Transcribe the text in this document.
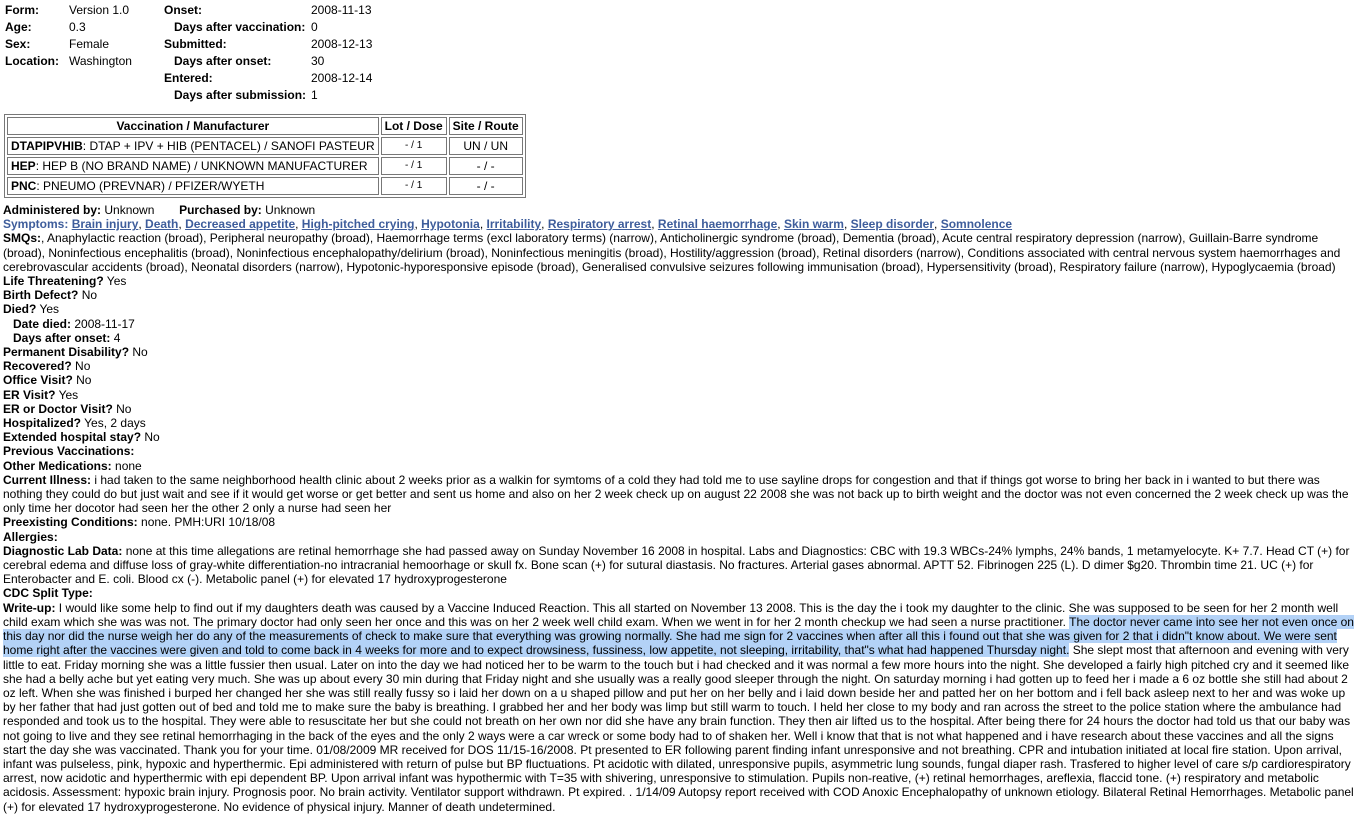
Form:	Version 1.0
Age:	0.3
Sex:	Female
Location: Washington
Onset:	2008-11-13
Days after vaccination: 0
Submitted:	2008-12-13
Days after onset:	30
Entered:	2008-12-14
Days after submission: 1
Vaccination / Manufacturer	Lot / Dose	Site / Route
DTAPIPVHIB: DTAP + IPV + HIB (PENTACEL) / SANOFI PASTEUR	- / 1	UN / UN
HEP: HEP B (NO BRAND NAME) / UNKNOWN MANUFACTURER	- / 1	- / -
PNC: PNEUMO (PREVNAR) / PFIZER/WYETH	- / 1	- / -
Administered by: Unknown Purchased by: Unknown
Symptoms: Brain injury, Death, Decreased appetite, High-pitched crying, Hypotonia, Irritability, Respiratory arrest, Retinal haemorrhage, Skin warm, Sleep disorder, Somnolence
SMQs:, Anaphylactic reaction (broad), Peripheral neuropathy (broad), Haemorrhage terms (excl laboratory terms) (narrow), Anticholinergic syndrome (broad), Dementia (broad), Acute central respiratory depression (narrow), Guillain-Barre syndrome (broad), Noninfectious encephalitis (broad), Noninfectious encephalopathy/delirium (broad), Noninfectious meningitis (broad), Hostility/aggression (broad), Retinal disorders (narrow), Conditions associated with central nervous system haemorrhages and cerebrovascular accidents (broad), Neonatal disorders (narrow), Hypotonic-hyporesponsive episode (broad), Generalised convulsive seizures following immunisation (broad), Hypersensitivity (broad), Respiratory failure (narrow), Hypoglycaemia (broad)
Life Threatening? Yes
Birth Defect? No
Died? Yes
Date died: 2008-11-17
Days after onset: 4
Permanent Disability? No
Recovered? No
Office Visit? No
ER Visit? Yes
ER or Doctor Visit? No
Hospitalized? Yes, 2 days
Extended hospital stay? No
Previous Vaccinations:
Other Medications: none
Current Illness: i had taken to the same neighborhood health clinic about 2 weeks prior as a walkin for symtoms of a cold they had told me to use sayline drops for congestion and that if things got worse to bring her back in i wanted to but there was nothing they could do but just wait and see if it would get worse or get better and sent us home and also on her 2 week check up on august 22 2008 she was not back up to birth weight and the doctor was not even concerned the 2 week check up was the only time her docotor had seen her the other 2 only a nurse had seen her
Preexisting Conditions: none. PMH:URI 10/18/08
Allergies:
Diagnostic Lab Data: none at this time allegations are retinal hemorrhage she had passed away on Sunday November 16 2008 in hospital. Labs and Diagnostics: CBC with 19.3 WBCs-24% lymphs, 24% bands, 1 metamyelocyte. K+ 7.7. Head CT (+) for cerebral edema and diffuse loss of gray-white differentiation-no intracranial hemoorhage or skull fx. Bone scan (+) for sutural diastasis. No fractures. Arterial gases abnormal. APTT 52. Fibrinogen 225 (L). D dimer $g20. Thrombin time 21. UC (+) for Enterobacter and E. coli. Blood cx (-). Metabolic panel (+) for elevated 17 hydroxyprogesterone
CDC Split Type:
Write-up: I would like some help to find out if my daughters death was caused by a Vaccine Induced Reaction. This all started on November 13 2008. This is the day the i took my daughter to the clinic. She was supposed to be seen for her 2 month well child exam which she was was not. The primary doctor had only seen her once and this was on her 2 week well child exam. When we went in for her 2 month checkup we had seen a nurse practitioner. The doctor never came into see her not even once on this day nor did the nurse weigh her do any of the measurements of check to make sure that everything was growing normally. She had me sign for 2 vaccines when after all this i found out that she was given for 2 that i didn"t know about. We were sent home right after the vaccines were given and told to come back in 4 weeks for more and to expect drowsiness, fussiness, low appetite, not sleeping, irritability, that"s what had happened Thursday night. She slept most that afternoon and evening with very little to eat. Friday morning she was a little fussier then usual. Later on into the day we had noticed her to be warm to the touch but i had checked and it was normal a few more hours into the night. She developed a fairly high pitched cry and it seemed like she had a belly ache but yet eating very much. She was up about every 30 min during that Friday night and she usually was a really good sleeper through the night. On saturday morning i had gotten up to feed her i made a 6 oz bottle she still had about 2 oz left. When she was finished i burped her changed her she was still really fussy so i laid her down on a u shaped pillow and put her on her belly and i laid down beside her and patted her on her bottom and i fell back asleep next to her and was woke up by her father that had just gotten out of bed and told me to make sure the baby is breathing. I grabbed her and her body was limp but still warm to touch. I held her close to my body and ran across the street to the police station where the ambulance had responded and took us to the hospital. They were able to resuscitate her but she could not breath on her own nor did she have any brain function. They then air lifted us to the hospital. After being there for 24 hours the doctor had told us that our baby was not going to live and they see retinal hemorrhaging in the back of the eyes and the only 2 ways were a car wreck or some body had to of shaken her. Well i know that that is not what happened and i have research about these vaccines and all the signs start the day she was vaccinated. Thank you for your time. 01/08/2009 MR received for DOS 11/15-16/2008. Pt presented to ER following parent finding infant unresponsive and not breathing. CPR and intubation initiated at local fire station. Upon arrival, infant was pulseless, pink, hypoxic and hyperthermic. Epi administered with return of pulse but BP fluctuations. Pt acidotic with dilated, unresponsive pupils, asymmetric lung sounds, fungal diaper rash. Trasfered to higher level of care s/p cardiorespiratory arrest, now acidotic and hyperthermic with epi dependent BP. Upon arrival infant was hypothermic with T=35 with shivering, unresponsive to stimulation. Pupils non-reative, (+) retinal hemorrhages, areflexia, flaccid tone. (+) respiratory and metabolic acidosis. Assessment: hypoxic brain injury. Prognosis poor. No brain activity. Ventilator support withdrawn. Pt expired. . 1/14/09 Autopsy report received with COD Anoxic Encephalopathy of unknown etiology. Bilateral Retinal Hemorrhages. Metabolic panel (+) for elevated 17 hydroxyprogesterone. No evidence of physical injury. Manner of death undetermined.
